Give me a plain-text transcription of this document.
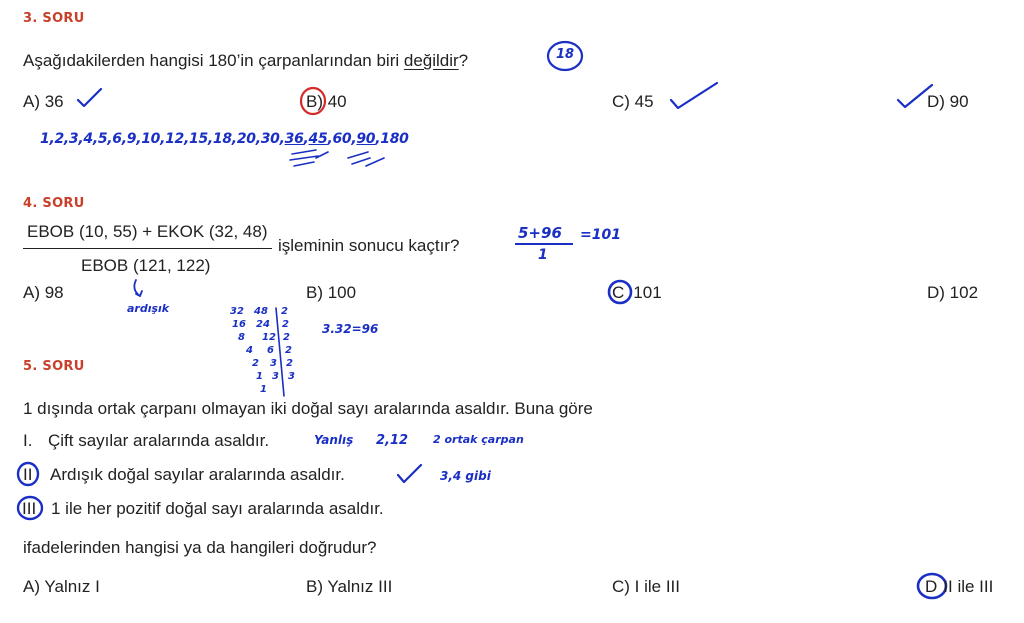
3. SORU
Aşağıdakilerden hangisi 180’in çarpanlarından biri değildir?	18
A) 36	B) 40	C) 45	D) 90
1,2,3,4,5,6,9,10,12,15,18,20,30,36,45,60,90,180
4. SORU
EBOB (10, 55) + EKOK (32, 48)
EBOB (121, 122)
işleminin sonucu kaçtır?
5+96
1
=101
A) 98
ardışık
B) 100	C 101	D) 102
32 48 2
16 24 2
8 12 2
4 6 2
2 3 2
1 3 3
1
3.32=96
5. SORU
1 dışında ortak çarpanı olmayan iki doğal sayı aralarında asaldır. Buna göre
I. Çift sayılar aralarında asaldır.	Yanlış 2,12 2 ortak çarpan
II Ardışık doğal sayılar aralarında asaldır.	3,4 gibi
III 1 ile her pozitif doğal sayı aralarında asaldır.
ifadelerinden hangisi ya da hangileri doğrudur?
A) Yalnız I	B) Yalnız III	C) I ile III	D II ile III
